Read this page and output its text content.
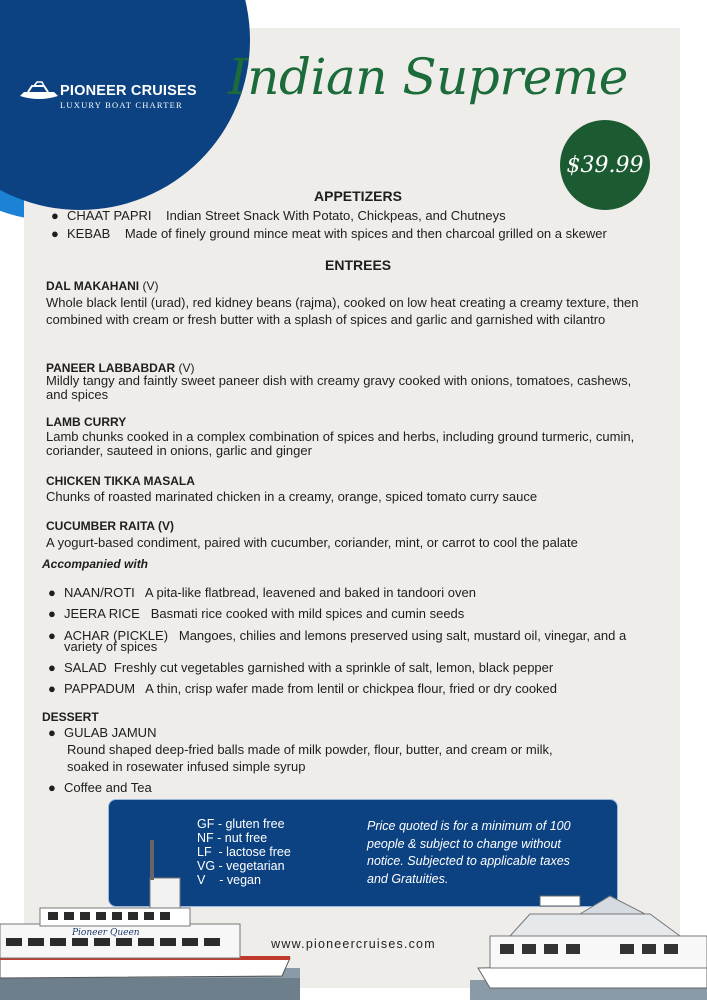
PIONEER CRUISES
LUXURY BOAT CHARTER Indian Supreme
$39.99
APPETIZERS
● CHAAT PAPRI Indian Street Snack With Potato, Chickpeas, and Chutneys
● KEBAB Made of finely ground mince meat with spices and then charcoal grilled on a skewer
ENTREES
DAL MAKAHANI (V)
Whole black lentil (urad), red kidney beans (rajma), cooked on low heat creating a creamy texture, then combined with cream or fresh butter with a splash of spices and garlic and garnished with cilantro
PANEER LABBABDAR (V)
Mildly tangy and faintly sweet paneer dish with creamy gravy cooked with onions, tomatoes, cashews, and spices
LAMB CURRY
Lamb chunks cooked in a complex combination of spices and herbs, including ground turmeric, cumin, coriander, sauteed in onions, garlic and ginger
CHICKEN TIKKA MASALA
Chunks of roasted marinated chicken in a creamy, orange, spiced tomato curry sauce
CUCUMBER RAITA (V)
A yogurt-based condiment, paired with cucumber, coriander, mint, or carrot to cool the palate
Accompanied with
● NAAN/ROTI A pita-like flatbread, leavened and baked in tandoori oven
● JEERA RICE Basmati rice cooked with mild spices and cumin seeds
● ACHAR (PICKLE) Mangoes, chilies and lemons preserved using salt, mustard oil, vinegar, and a
variety of spices
● SALAD Freshly cut vegetables garnished with a sprinkle of salt, lemon, black pepper
● PAPPADUM A thin, crisp wafer made from lentil or chickpea flour, fried or dry cooked
DESSERT
● GULAB JAMUN
Round shaped deep-fried balls made of milk powder, flour, butter, and cream or milk,
soaked in rosewater infused simple syrup
● Coffee and Tea
GF - gluten free
NF - nut free
LF  - lactose free
VG - vegetarian
V    - vegan
Price quoted is for a minimum of 100 people & subject to change without notice. Subjected to applicable taxes and Gratuities.
Pioneer Queen
www.pioneercruises.com
